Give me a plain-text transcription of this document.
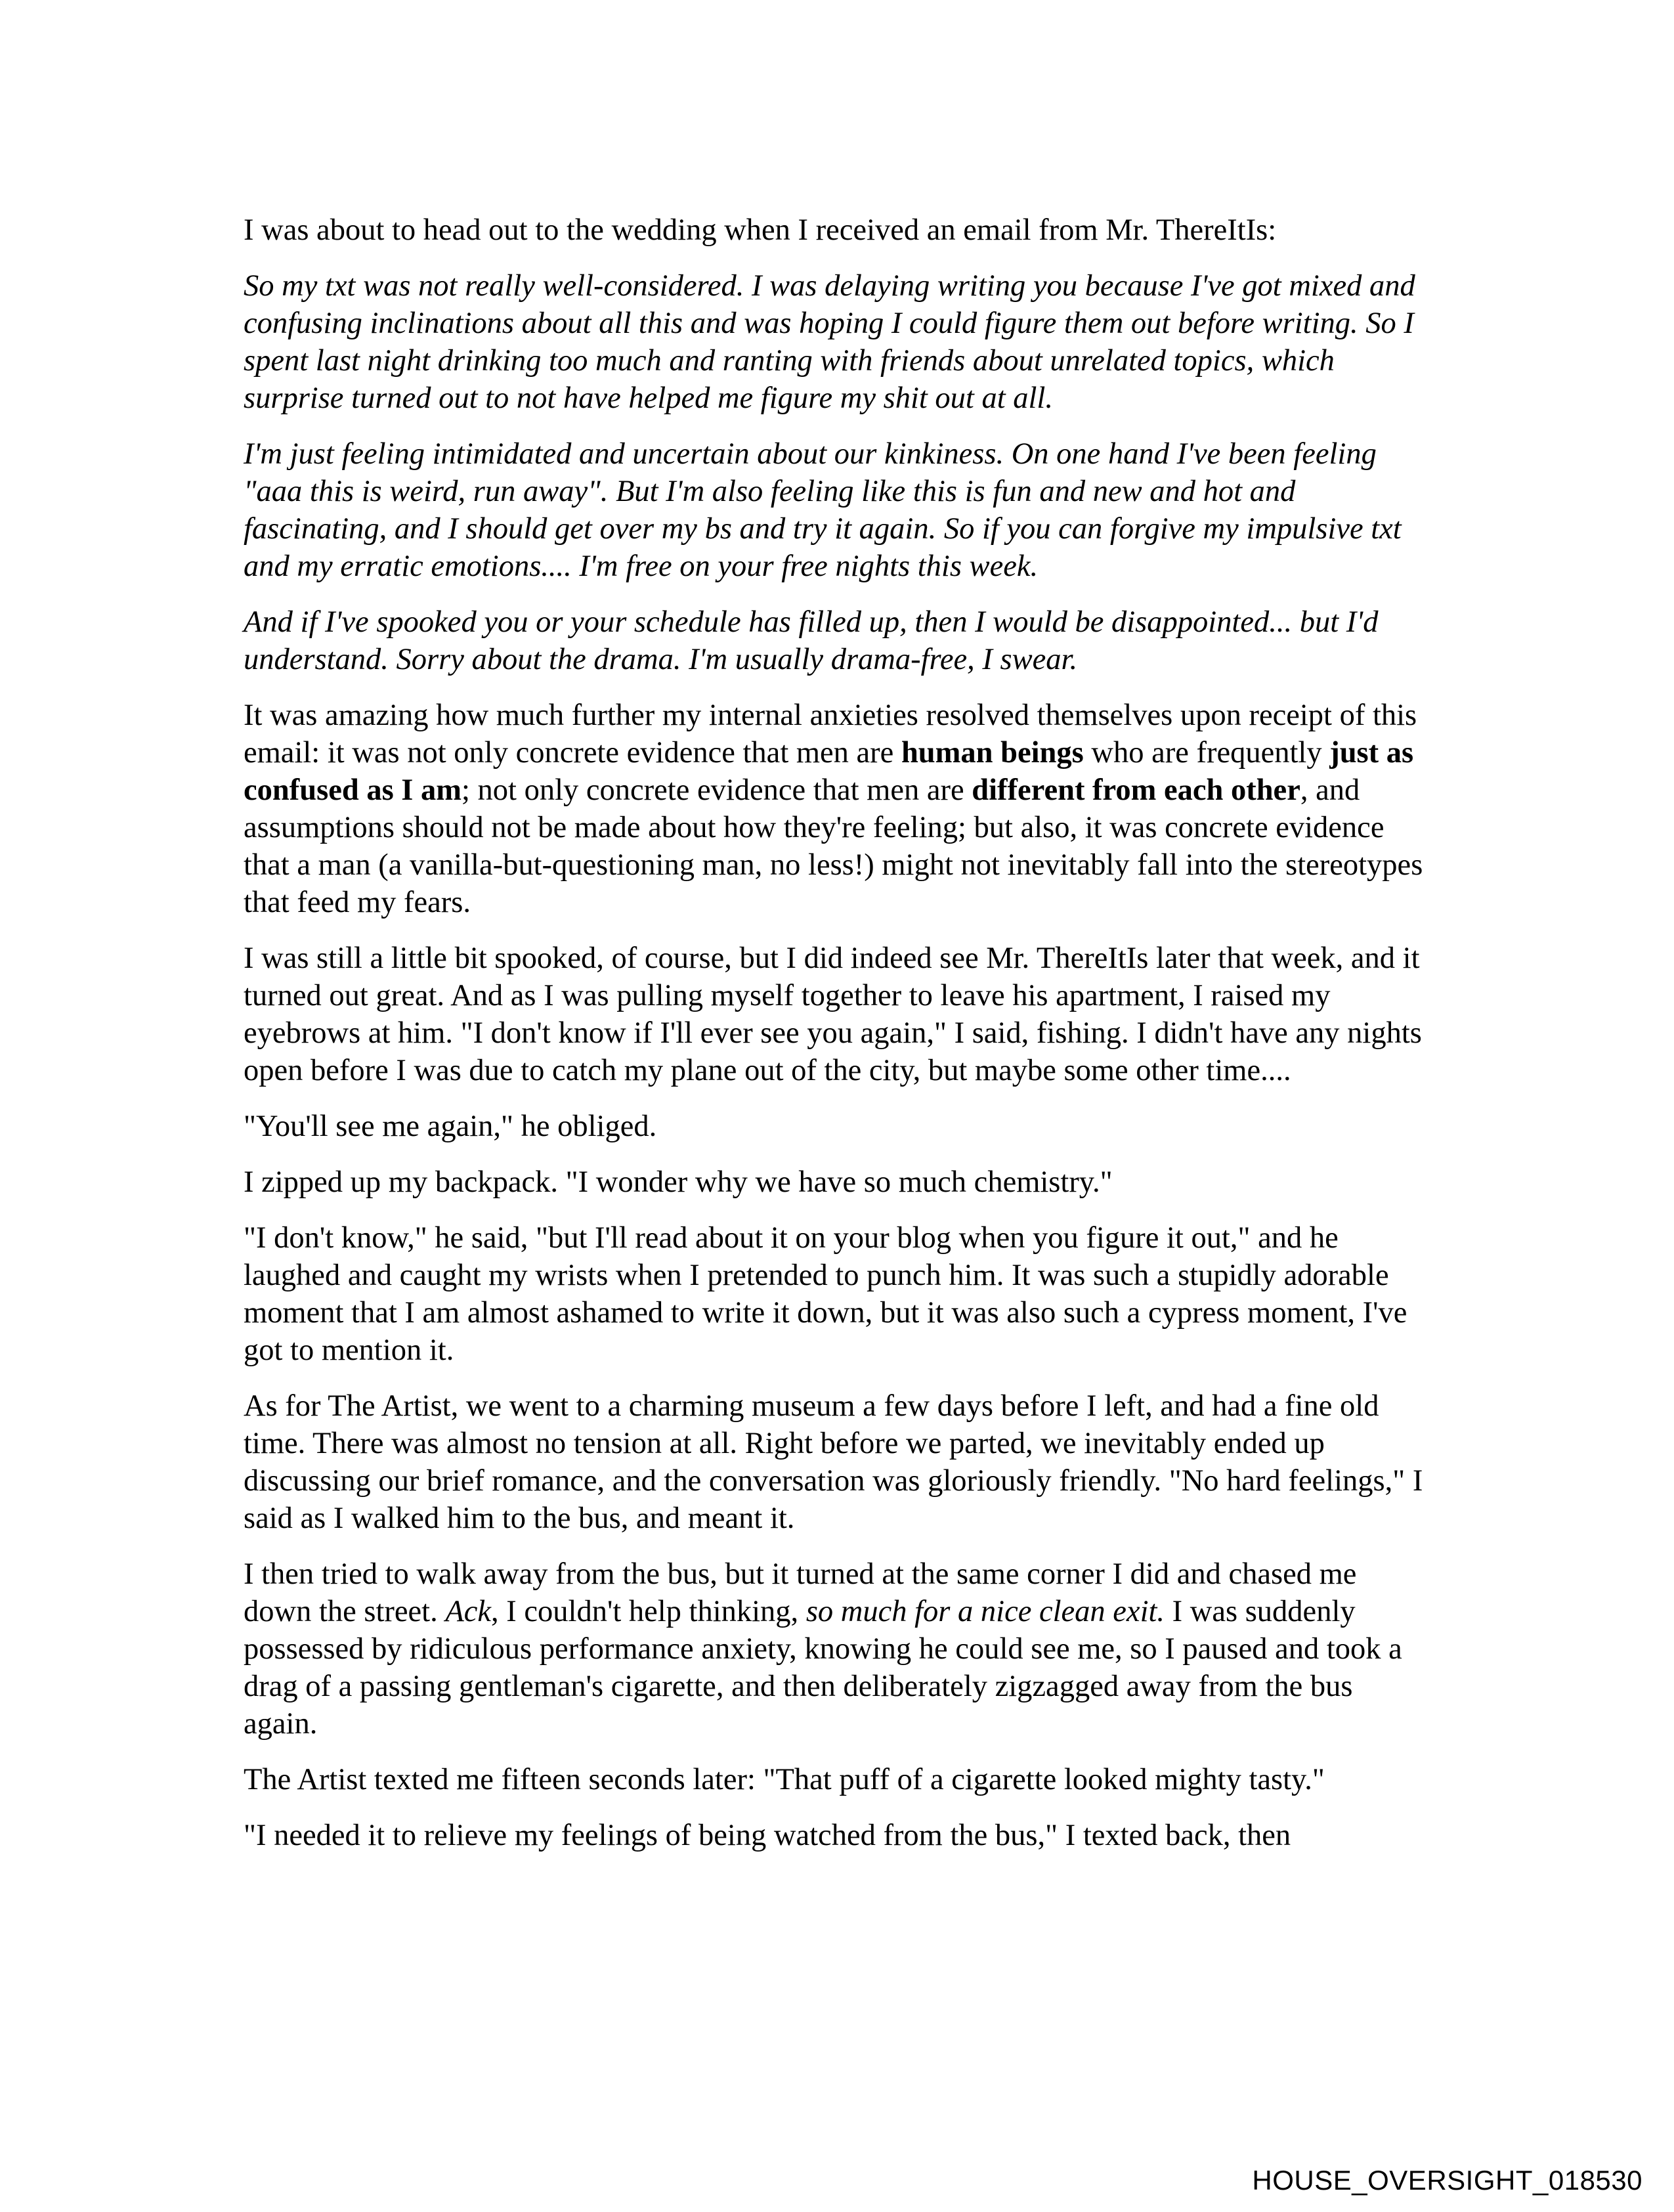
I was about to head out to the wedding when I received an email from Mr. ThereItIs:

So my txt was not really well-considered. I was delaying writing you because I've got mixed and confusing inclinations about all this and was hoping I could figure them out before writing. So I spent last night drinking too much and ranting with friends about unrelated topics, which surprise turned out to not have helped me figure my shit out at all.

I'm just feeling intimidated and uncertain about our kinkiness. On one hand I've been feeling "aaa this is weird, run away". But I'm also feeling like this is fun and new and hot and fascinating, and I should get over my bs and try it again. So if you can forgive my impulsive txt and my erratic emotions.... I'm free on your free nights this week.

And if I've spooked you or your schedule has filled up, then I would be disappointed... but I'd understand. Sorry about the drama. I'm usually drama-free, I swear.

It was amazing how much further my internal anxieties resolved themselves upon receipt of this email: it was not only concrete evidence that men are human beings who are frequently just as confused as I am; not only concrete evidence that men are different from each other, and assumptions should not be made about how they're feeling; but also, it was concrete evidence that a man (a vanilla-but-questioning man, no less!) might not inevitably fall into the stereotypes that feed my fears.

I was still a little bit spooked, of course, but I did indeed see Mr. ThereItIs later that week, and it turned out great. And as I was pulling myself together to leave his apartment, I raised my eyebrows at him. "I don't know if I'll ever see you again," I said, fishing. I didn't have any nights open before I was due to catch my plane out of the city, but maybe some other time....

"You'll see me again," he obliged.

I zipped up my backpack. "I wonder why we have so much chemistry."

"I don't know," he said, "but I'll read about it on your blog when you figure it out," and he laughed and caught my wrists when I pretended to punch him. It was such a stupidly adorable moment that I am almost ashamed to write it down, but it was also such a cypress moment, I've got to mention it.

As for The Artist, we went to a charming museum a few days before I left, and had a fine old time. There was almost no tension at all. Right before we parted, we inevitably ended up discussing our brief romance, and the conversation was gloriously friendly. "No hard feelings," I said as I walked him to the bus, and meant it.

I then tried to walk away from the bus, but it turned at the same corner I did and chased me down the street. Ack, I couldn't help thinking, so much for a nice clean exit. I was suddenly possessed by ridiculous performance anxiety, knowing he could see me, so I paused and took a drag of a passing gentleman's cigarette, and then deliberately zigzagged away from the bus again.

The Artist texted me fifteen seconds later: "That puff of a cigarette looked mighty tasty."

"I needed it to relieve my feelings of being watched from the bus," I texted back, then

HOUSE_OVERSIGHT_018530
